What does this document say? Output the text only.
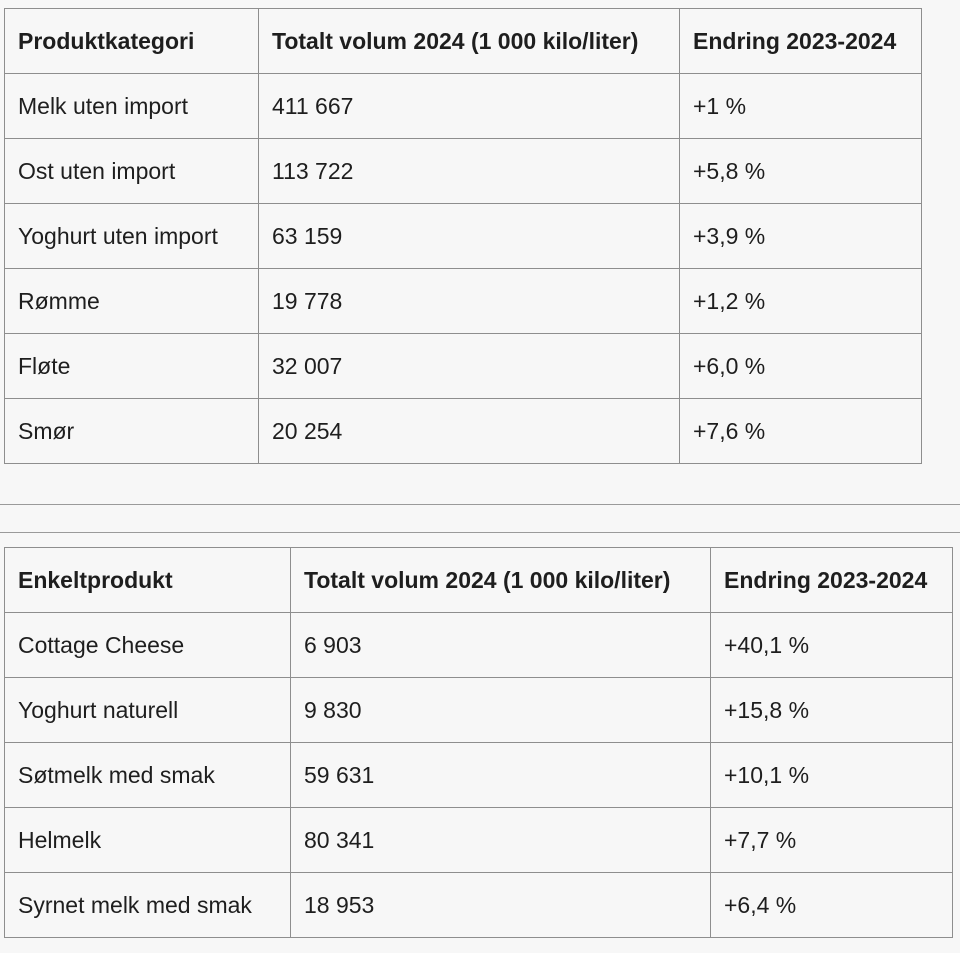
Produktkategori	Totalt volum 2024 (1 000 kilo/liter)	Endring 2023-2024
Melk uten import	411 667	+1 %
Ost uten import	113 722	+5,8 %
Yoghurt uten import	63 159	+3,9 %
Rømme	19 778	+1,2 %
Fløte	32 007	+6,0 %
Smør	20 254	+7,6 %
Enkeltprodukt	Totalt volum 2024 (1 000 kilo/liter)	Endring 2023-2024
Cottage Cheese	6 903	+40,1 %
Yoghurt naturell	9 830	+15,8 %
Søtmelk med smak	59 631	+10,1 %
Helmelk	80 341	+7,7 %
Syrnet melk med smak	18 953	+6,4 %
